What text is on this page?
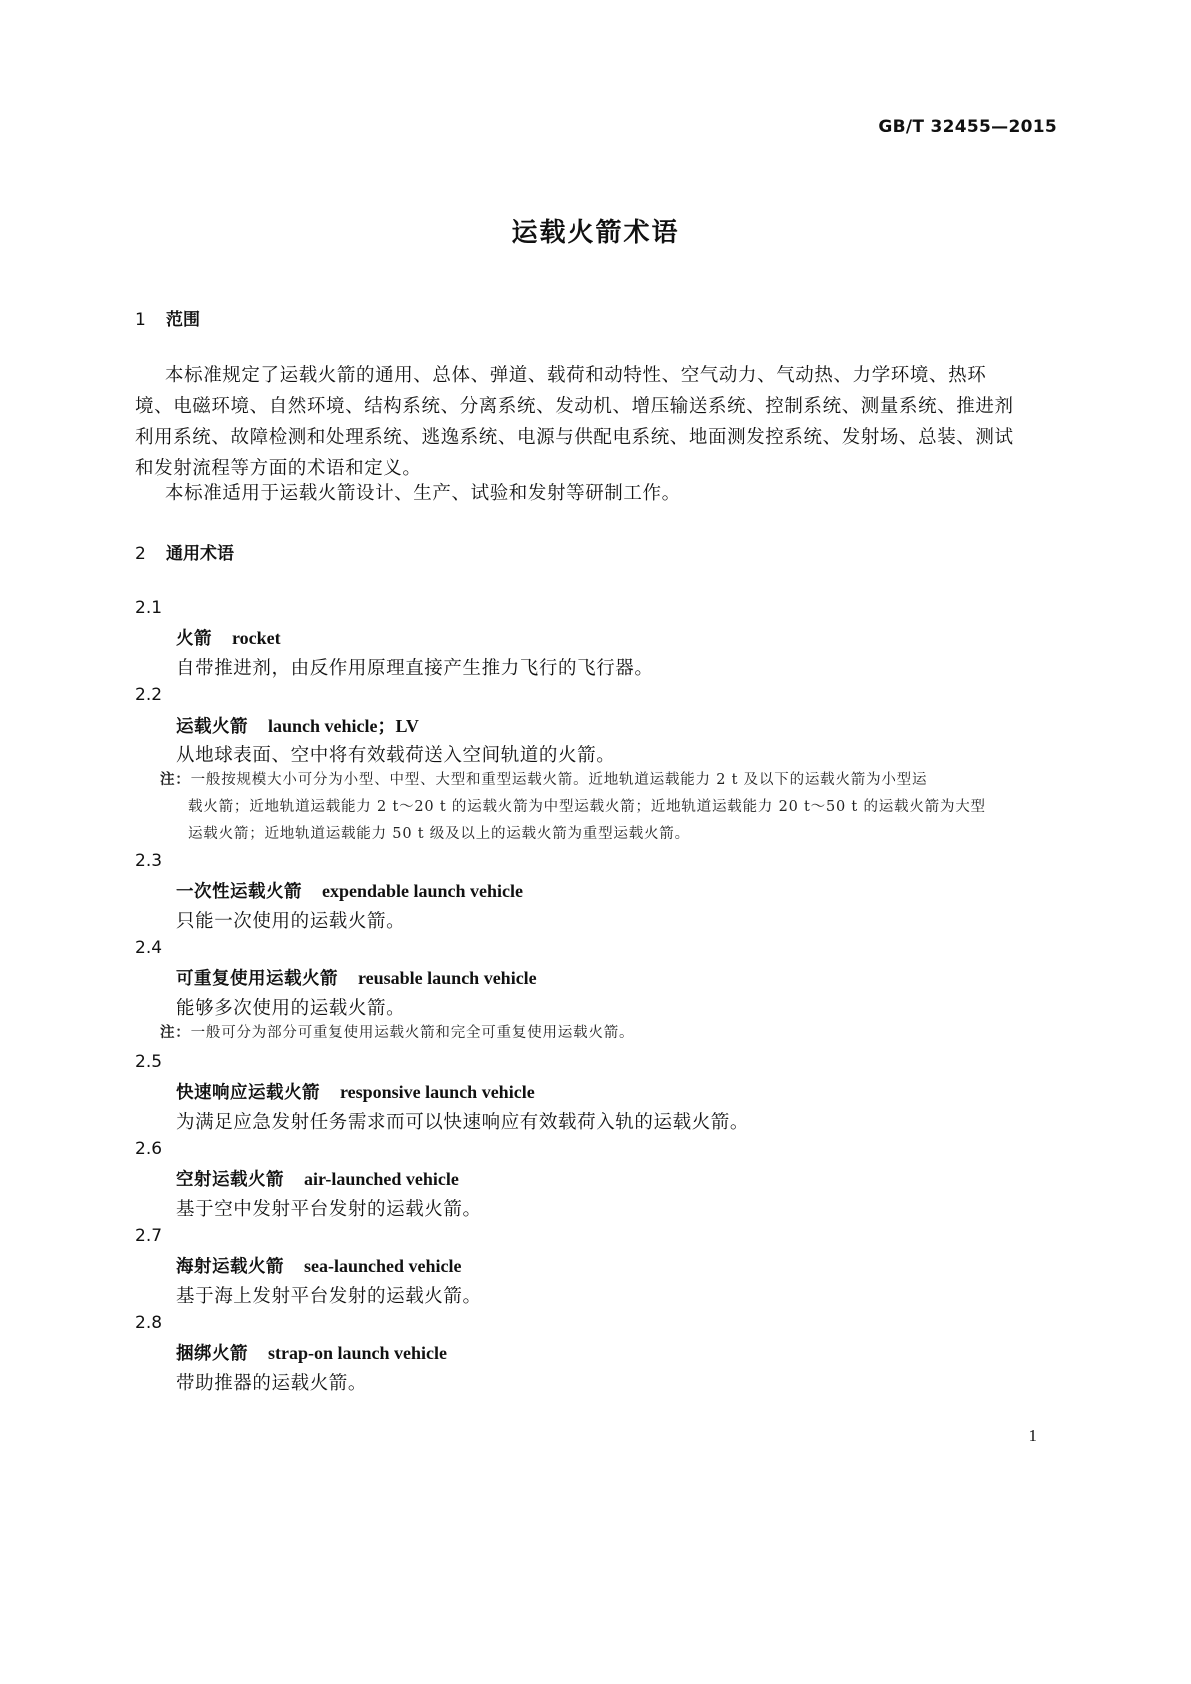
GB/T 32455—2015
运载火箭术语
1 范围
本标准规定了运载火箭的通用、总体、弹道、载荷和动特性、空气动力、气动热、力学环境、热环境、电磁环境、自然环境、结构系统、分离系统、发动机、增压输送系统、控制系统、测量系统、推进剂利用系统、故障检测和处理系统、逃逸系统、电源与供配电系统、地面测发控系统、发射场、总装、测试和发射流程等方面的术语和定义。
本标准适用于运载火箭设计、生产、试验和发射等研制工作。
2 通用术语
2.1
火箭 rocket
自带推进剂，由反作用原理直接产生推力飞行的飞行器。
2.2
运载火箭 launch vehicle；LV
从地球表面、空中将有效载荷送入空间轨道的火箭。
注：一般按规模大小可分为小型、中型、大型和重型运载火箭。近地轨道运载能力 2 t 及以下的运载火箭为小型运
载火箭；近地轨道运载能力 2 t～20 t 的运载火箭为中型运载火箭；近地轨道运载能力 20 t～50 t 的运载火箭为大型运载火箭；近地轨道运载能力 50 t 级及以上的运载火箭为重型运载火箭。
2.3
一次性运载火箭 expendable launch vehicle
只能一次使用的运载火箭。
2.4
可重复使用运载火箭 reusable launch vehicle
能够多次使用的运载火箭。
注：一般可分为部分可重复使用运载火箭和完全可重复使用运载火箭。
2.5
快速响应运载火箭 responsive launch vehicle
为满足应急发射任务需求而可以快速响应有效载荷入轨的运载火箭。
2.6
空射运载火箭 air-launched vehicle
基于空中发射平台发射的运载火箭。
2.7
海射运载火箭 sea-launched vehicle
基于海上发射平台发射的运载火箭。
2.8
捆绑火箭 strap-on launch vehicle
带助推器的运载火箭。
1
